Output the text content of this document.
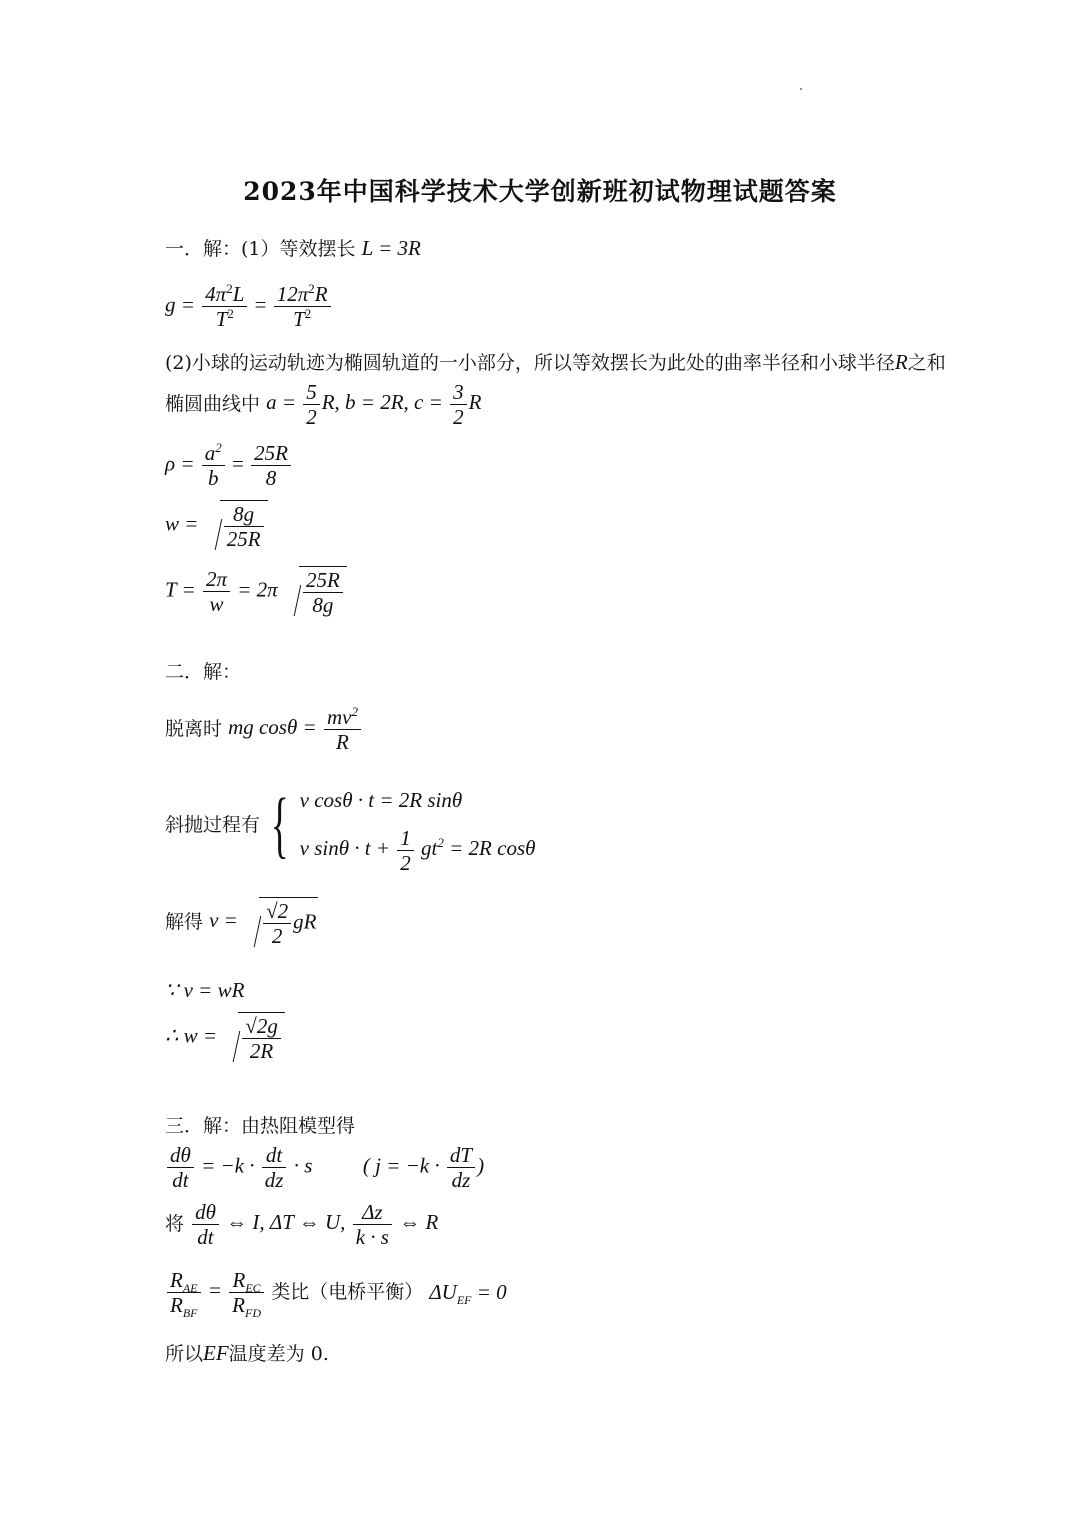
2023年中国科学技术大学创新班初试物理试题答案
一．解：(1）等效摆长 L = 3R
$g = \frac{4\pi^2L}{T^2} = \frac{12\pi^2R}{T^2}$
(2)小球的运动轨迹为椭圆轨道的一小部分，所以等效摆长为此处的曲率半径和小球半径R之和
椭圆曲线中 $a = \frac{5}{2} R$, b = 2R, $c = \frac{3}{2}$ R
$\rho = \frac{a^2}{b} = \frac{25R}{8}$
$w = \frac{8g}{25R}$
$T = \frac{2\pi}{w} = 2\pi \frac{25R}{8g}$
二．解：
脱离时 mg $\cos\theta = \frac{mv^2}{R}$
斜抛过程有 { v cosθ · t = 2R sinθ
v $\sin\theta \cdot t + \frac{1}{2} gt^2 = 2R$ cosθ
解得 $v = \frac{√2}{2}$ gR
∵ v = wR
∴ $w = \frac{√2g}{2R}$
三．解：由热阻模型得
$\frac{d\theta}{dt} = -k \cdot \frac{dt}{dz} \cdot s$ ( $j = -k \cdot \frac{dT}{dz}$ )
将 $\frac{d\theta}{dt}$ ⇔ I, ΔT ⇔ U, $\frac{\Delta z}{k \cdot s}$ ⇔ R
$\frac{R_{AE}}{R_{BF}} = \frac{R_{EC}}{R_{FD}}$ 类比（电桥平衡） $\Delta U_{EF} = 0$
所以EF温度差为 0.
